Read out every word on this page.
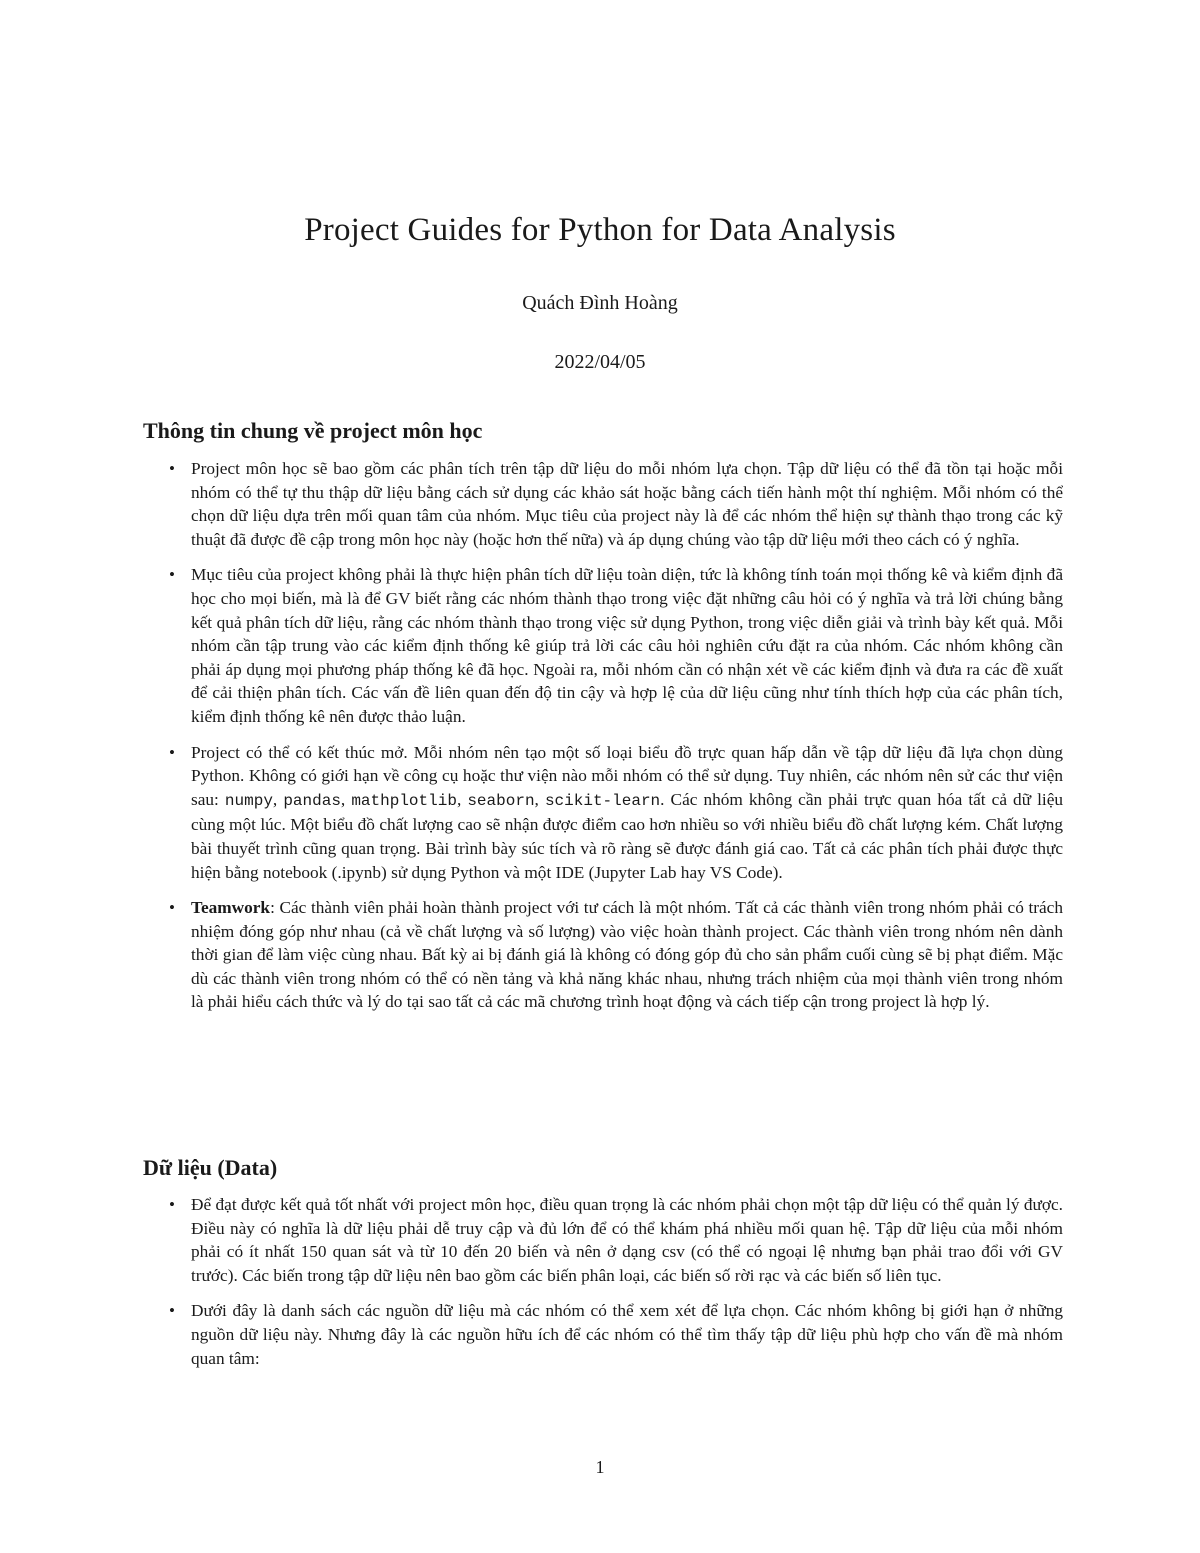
Project Guides for Python for Data Analysis
Quách Đình Hoàng
2022/04/05
Thông tin chung về project môn học
• Project môn học sẽ bao gồm các phân tích trên tập dữ liệu do mỗi nhóm lựa chọn. Tập dữ liệu có thể đã tồn tại hoặc mỗi nhóm có thể tự thu thập dữ liệu bằng cách sử dụng các khảo sát hoặc bằng cách tiến hành một thí nghiệm. Mỗi nhóm có thể chọn dữ liệu dựa trên mối quan tâm của nhóm. Mục tiêu của project này là để các nhóm thể hiện sự thành thạo trong các kỹ thuật đã được đề cập trong môn học này (hoặc hơn thế nữa) và áp dụng chúng vào tập dữ liệu mới theo cách có ý nghĩa.
• Mục tiêu của project không phải là thực hiện phân tích dữ liệu toàn diện, tức là không tính toán mọi thống kê và kiểm định đã học cho mọi biến, mà là để GV biết rằng các nhóm thành thạo trong việc đặt những câu hỏi có ý nghĩa và trả lời chúng bằng kết quả phân tích dữ liệu, rằng các nhóm thành thạo trong việc sử dụng Python, trong việc diễn giải và trình bày kết quả. Mỗi nhóm cần tập trung vào các kiểm định thống kê giúp trả lời các câu hỏi nghiên cứu đặt ra của nhóm. Các nhóm không cần phải áp dụng mọi phương pháp thống kê đã học. Ngoài ra, mỗi nhóm cần có nhận xét về các kiểm định và đưa ra các đề xuất để cải thiện phân tích. Các vấn đề liên quan đến độ tin cậy và hợp lệ của dữ liệu cũng như tính thích hợp của các phân tích, kiểm định thống kê nên được thảo luận.
• Project có thể có kết thúc mở. Mỗi nhóm nên tạo một số loại biểu đồ trực quan hấp dẫn về tập dữ liệu đã lựa chọn dùng Python. Không có giới hạn về công cụ hoặc thư viện nào mỗi nhóm có thể sử dụng. Tuy nhiên, các nhóm nên sử các thư viện sau: numpy, pandas, mathplotlib, seaborn, scikit-learn. Các nhóm không cần phải trực quan hóa tất cả dữ liệu cùng một lúc. Một biểu đồ chất lượng cao sẽ nhận được điểm cao hơn nhiều so với nhiều biểu đồ chất lượng kém. Chất lượng bài thuyết trình cũng quan trọng. Bài trình bày súc tích và rõ ràng sẽ được đánh giá cao. Tất cả các phân tích phải được thực hiện bằng notebook (.ipynb) sử dụng Python và một IDE (Jupyter Lab hay VS Code).
• Teamwork: Các thành viên phải hoàn thành project với tư cách là một nhóm. Tất cả các thành viên trong nhóm phải có trách nhiệm đóng góp như nhau (cả về chất lượng và số lượng) vào việc hoàn thành project. Các thành viên trong nhóm nên dành thời gian để làm việc cùng nhau. Bất kỳ ai bị đánh giá là không có đóng góp đủ cho sản phẩm cuối cùng sẽ bị phạt điểm. Mặc dù các thành viên trong nhóm có thể có nền tảng và khả năng khác nhau, nhưng trách nhiệm của mọi thành viên trong nhóm là phải hiểu cách thức và lý do tại sao tất cả các mã chương trình hoạt động và cách tiếp cận trong project là hợp lý.
Dữ liệu (Data)
• Để đạt được kết quả tốt nhất với project môn học, điều quan trọng là các nhóm phải chọn một tập dữ liệu có thể quản lý được. Điều này có nghĩa là dữ liệu phải dễ truy cập và đủ lớn để có thể khám phá nhiều mối quan hệ. Tập dữ liệu của mỗi nhóm phải có ít nhất 150 quan sát và từ 10 đến 20 biến và nên ở dạng csv (có thể có ngoại lệ nhưng bạn phải trao đổi với GV trước). Các biến trong tập dữ liệu nên bao gồm các biến phân loại, các biến số rời rạc và các biến số liên tục.
• Dưới đây là danh sách các nguồn dữ liệu mà các nhóm có thể xem xét để lựa chọn. Các nhóm không bị giới hạn ở những nguồn dữ liệu này. Nhưng đây là các nguồn hữu ích để các nhóm có thể tìm thấy tập dữ liệu phù hợp cho vấn đề mà nhóm quan tâm:
1
